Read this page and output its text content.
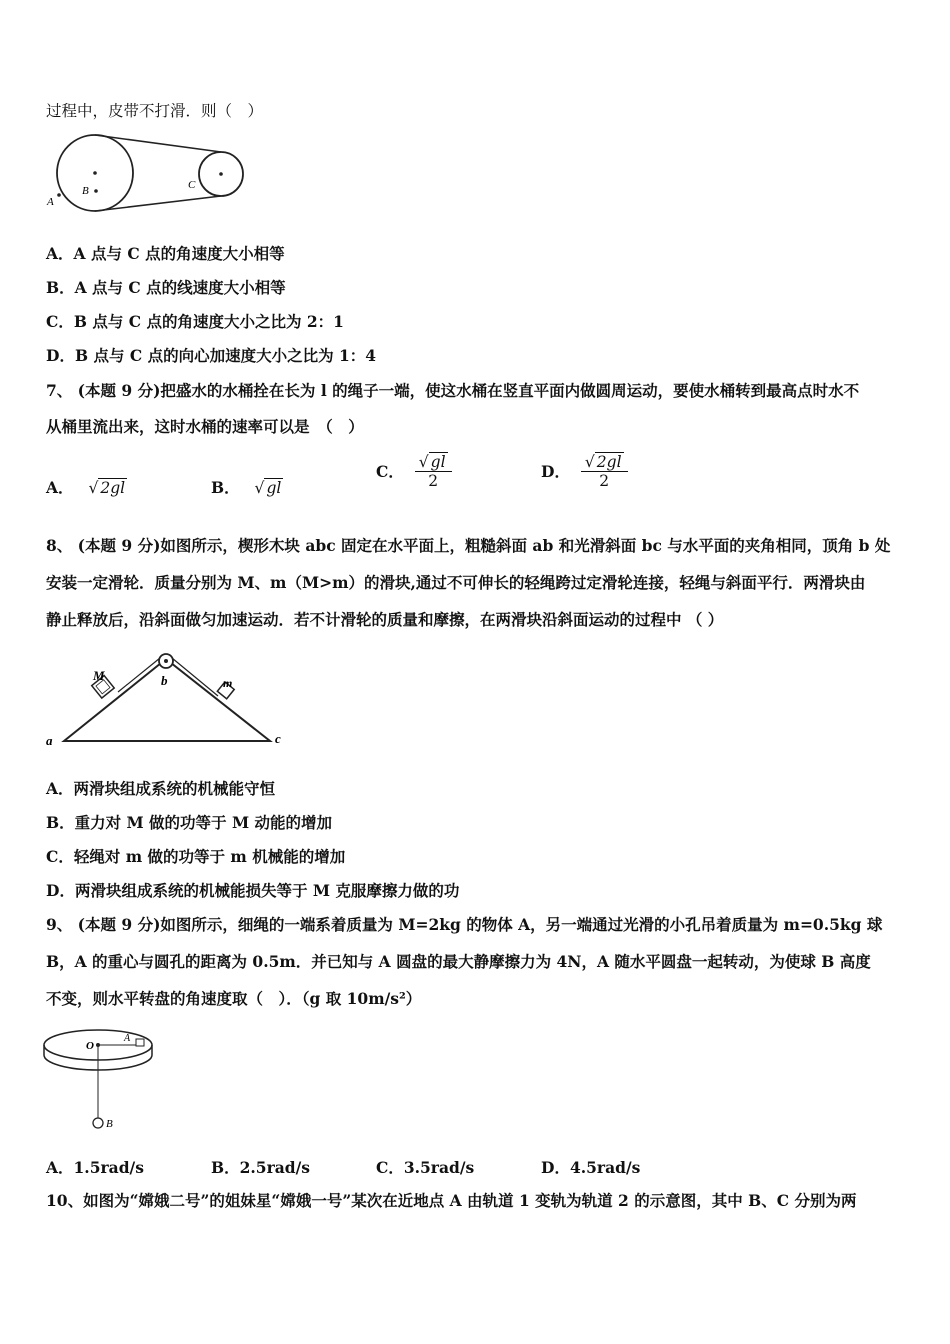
过程中，皮带不打滑．则（　）
A
B	C
A．A 点与 C 点的角速度大小相等
B．A 点与 C 点的线速度大小相等
C．B 点与 C 点的角速度大小之比为 2：1
D．B 点与 C 点的向心加速度大小之比为 1：4
7、 (本题 9 分)把盛水的水桶拴在长为 l 的绳子一端，使这水桶在竖直平面内做圆周运动，要使水桶转到最高点时水不
从桶里流出来，这时水桶的速率可以是　（　）
A． √ 2gl	B． √ gl
C． $\frac{√ gl}{2}$	D． $\frac{√ 2gl}{2}$
8、 (本题 9 分)如图所示，楔形木块 abc 固定在水平面上，粗糙斜面 ab 和光滑斜面 bc 与水平面的夹角相同，顶角 b 处
安装一定滑轮．质量分别为 M、m（M>m）的滑块,通过不可伸长的轻绳跨过定滑轮连接，轻绳与斜面平行．两滑块由
静止释放后，沿斜面做匀加速运动．若不计滑轮的质量和摩擦，在两滑块沿斜面运动的过程中 （ ）
a
b
c
M	m
A．两滑块组成系统的机械能守恒
B．重力对 M 做的功等于 M 动能的增加
C．轻绳对 m 做的功等于 m 机械能的增加
D．两滑块组成系统的机械能损失等于 M 克服摩擦力做的功
9、 (本题 9 分)如图所示，细绳的一端系着质量为 M=2kg 的物体 A，另一端通过光滑的小孔吊着质量为 m=0.5kg 球
B，A 的重心与圆孔的距离为 0.5m．并已知与 A 圆盘的最大静摩擦力为 4N，A 随水平圆盘一起转动，为使球 B 高度
不变，则水平转盘的角速度取（　）．（g 取 10m/s²）
O
A
B
A．1.5rad/s	B．2.5rad/s	C．3.5rad/s	D．4.5rad/s
10、如图为“嫦娥二号”的姐妹星“嫦娥一号”某次在近地点 A 由轨道 1 变轨为轨道 2 的示意图，其中 B、C 分别为两
